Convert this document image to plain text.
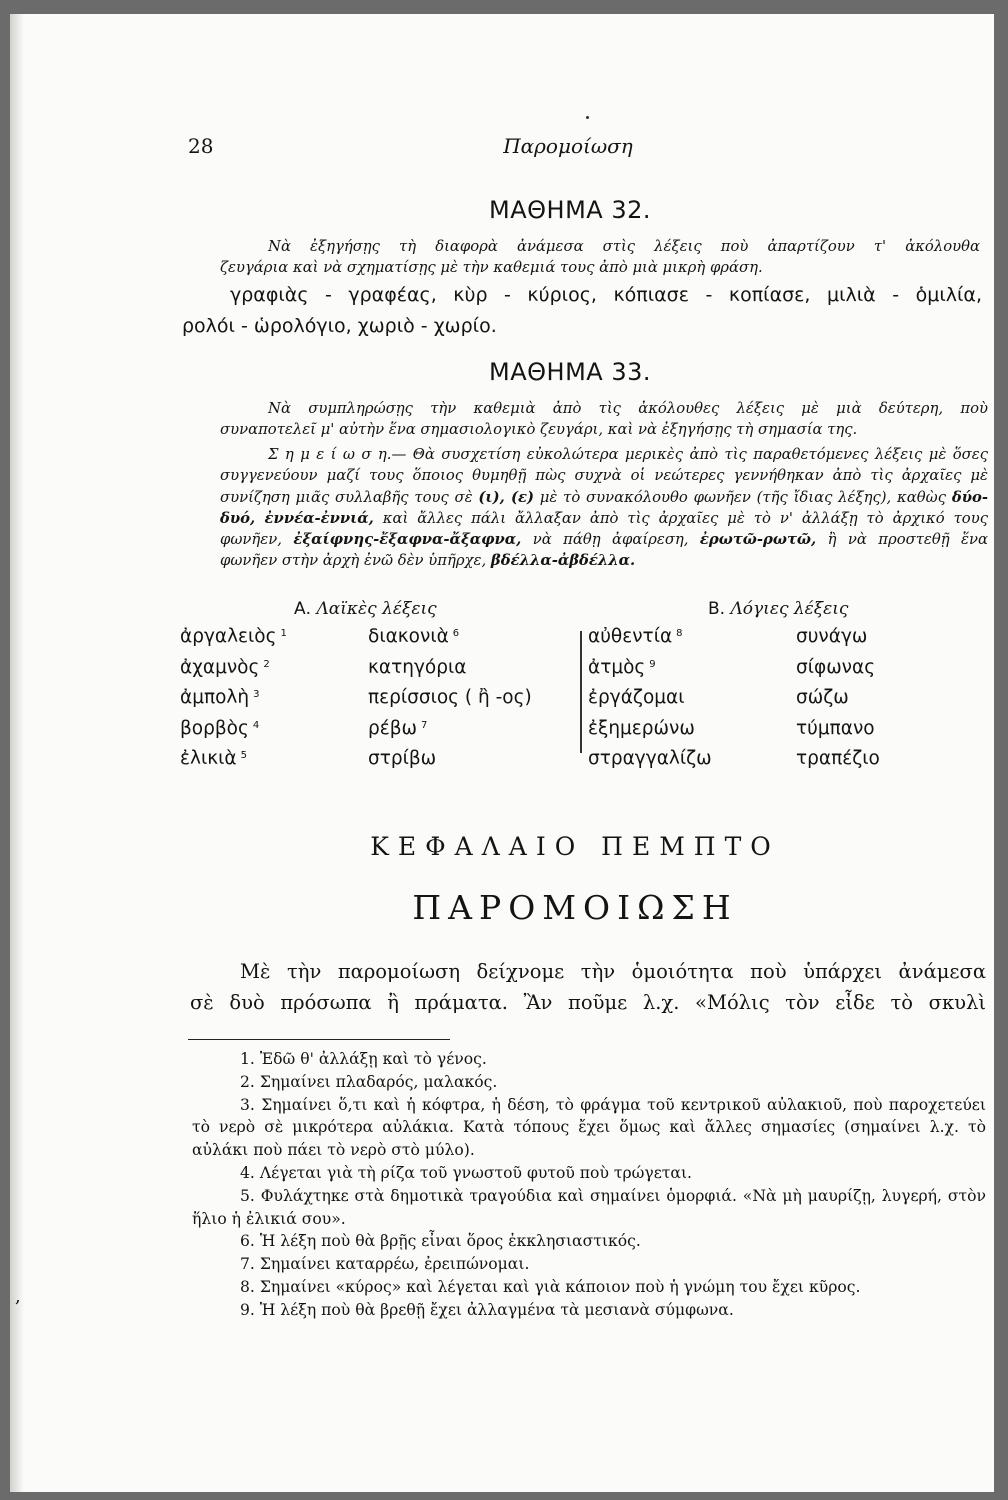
28	Παρομοίωση
ΜΑΘΗΜΑ 32.
Νὰ ἐξηγήσῃς τὴ διαφορὰ ἀνάμεσα στὶς λέξεις ποὺ ἀπαρτίζουν τ' ἀκόλουθα
ζευγάρια καὶ νὰ σχηματίσῃς μὲ τὴν καθεμιά τους ἀπὸ μιὰ μικρὴ φράση.
γραφιὰς - γραφέας, κὺρ - κύριος, κόπιασε - κοπίασε, μιλιὰ - ὁμιλία,
ρολόι - ὡρολόγιο, χωριὸ - χωρίο.
ΜΑΘΗΜΑ 33.
Νὰ συμπληρώσῃς τὴν καθεμιὰ ἀπὸ τὶς ἀκόλουθες λέξεις μὲ μιὰ δεύτερη, ποὺ
συναποτελεῖ μ' αὐτὴν ἕνα σημασιολογικὸ ζευγάρι, καὶ νὰ ἐξηγήσῃς τὴ σημασία της.
Σ η μ ε ί ω σ η.— Θὰ συσχετίση εὐκολώτερα μερικὲς ἀπὸ τὶς παραθετόμενες λέξεις μὲ ὅσες συγγενεύουν μαζί τους ὅποιος θυμηθῇ πὼς συχνὰ οἱ νεώτερες γεννήθηκαν ἀπὸ τὶς ἀρχαῖες μὲ συνίζηση μιᾶς συλλαβῆς τους σὲ (ι), (ε) μὲ τὸ συνακόλουθο φωνῆεν (τῆς ἴδιας λέξης), καθὼς δύο-δυό, ἐννέα-ἐννιά, καὶ ἄλλες πάλι ἄλλαξαν ἀπὸ τὶς ἀρχαῖες μὲ τὸ ν' ἀλλάξῃ τὸ ἀρχικό τους φωνῆεν, ἐξαίφνης-ἔξαφνα-ἄξαφνα, νὰ πάθῃ ἀφαίρεση, ἐρωτῶ-ρωτῶ, ἢ νὰ προστεθῇ ἕνα φωνῆεν στὴν ἀρχὴ ἐνῶ δὲν ὑπῆρχε, βδέλλα-ἀβδέλλα.
Α. Λαϊκὲς λέξεις	Β. Λόγιες λέξεις
ἀργαλειὸς $^1$
ἀχαμνὸς $^2$
ἀμπολὴ $^3$
βορβὸς $^4$
ἐλικιὰ $^5$
διακονιὰ $^6$
κατηγόρια
περίσσιος ( ἢ -ος)
ρέβω $^7$
στρίβω
αὐθεντία $^8$
ἀτμὸς $^9$
ἐργάζομαι
ἐξημερώνω
στραγγαλίζω
συνάγω
σίφωνας
σώζω
τύμπανο
τραπέζιο
ΚΕΦΑΛΑΙΟ ΠΕΜΠΤΟ
ΠΑΡΟΜΟΙΩΣΗ
Μὲ τὴν παρομοίωση δείχνομε τὴν ὁμοιότητα ποὺ ὑπάρχει ἀνάμεσα
σὲ δυὸ πρόσωπα ἢ πράματα. Ἂν ποῦμε λ.χ. «Μόλις τὸν εἶδε τὸ σκυλὶ

1. Ἐδῶ θ' ἀλλάξῃ καὶ τὸ γένος.

2. Σημαίνει πλαδαρός, μαλακός.

3. Σημαίνει ὅ,τι καὶ ἡ κόφτρα, ἡ δέση, τὸ φράγμα τοῦ κεντρικοῦ αὐλακιοῦ, ποὺ παροχετεύει τὸ νερὸ σὲ μικρότερα αὐλάκια. Κατὰ τόπους ἔχει ὅμως καὶ ἄλλες σημασίες (σημαίνει λ.χ. τὸ αὐλάκι ποὺ πάει τὸ νερὸ στὸ μύλο).

4. Λέγεται γιὰ τὴ ρίζα τοῦ γνωστοῦ φυτοῦ ποὺ τρώγεται.

5. Φυλάχτηκε στὰ δημοτικὰ τραγούδια καὶ σημαίνει ὁμορφιά. «Νὰ μὴ μαυρίζῃ, λυγερή, στὸν ἥλιο ἡ ἐλικιά σου».

6. Ἡ λέξη ποὺ θὰ βρῇς εἶναι ὅρος ἐκκλησιαστικός.

7. Σημαίνει καταρρέω, ἐρειπώνομαι.

8. Σημαίνει «κύρος» καὶ λέγεται καὶ γιὰ κάποιον ποὺ ἡ γνώμη του ἔχει κῦρος.

9. Ἡ λέξη ποὺ θὰ βρεθῇ ἔχει ἀλλαγμένα τὰ μεσιανὰ σύμφωνα.

,
